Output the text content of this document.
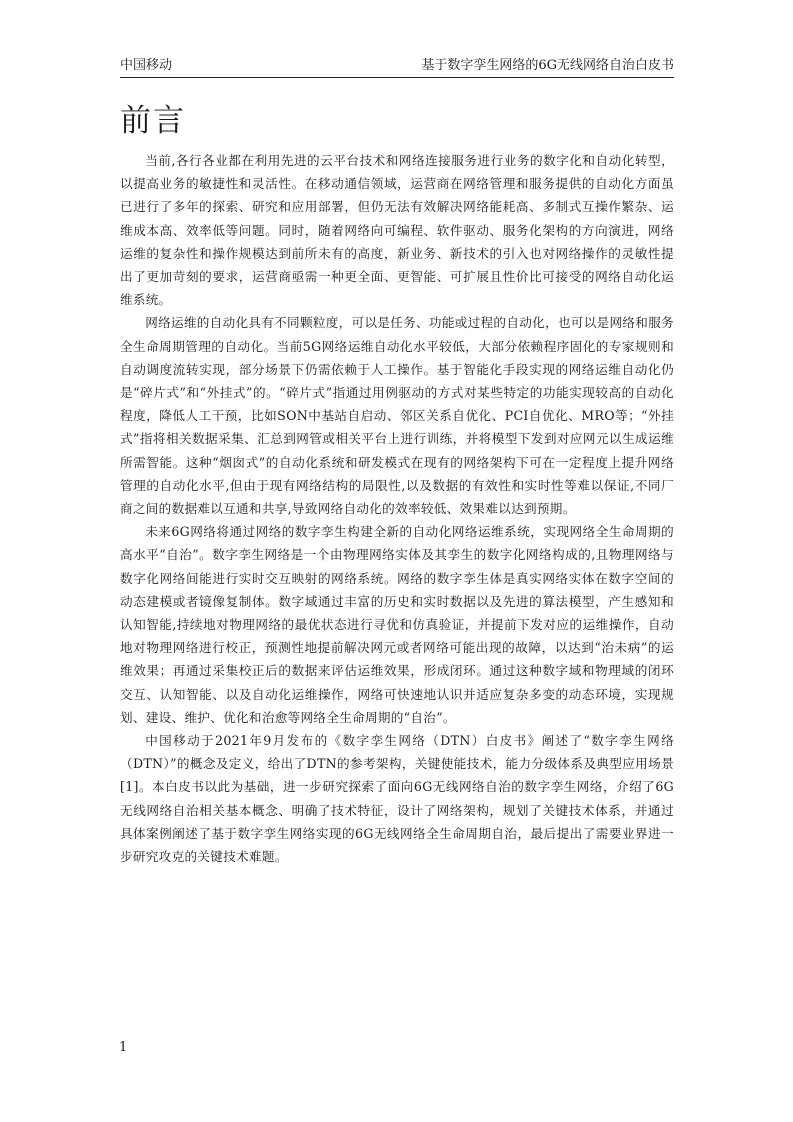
中国移动	基于数字孪生网络的6G无线网络自治白皮书
前言

当前,各行各业都在利用先进的云平台技术和网络连接服务进行业务的数字化和自动化转型，以提高业务的敏捷性和灵活性。在移动通信领域，运营商在网络管理和服务提供的自动化方面虽已进行了多年的探索、研究和应用部署，但仍无法有效解决网络能耗高、多制式互操作繁杂、运维成本高、效率低等问题。同时，随着网络向可编程、软件驱动、服务化架构的方向演进，网络运维的复杂性和操作规模达到前所未有的高度，新业务、新技术的引入也对网络操作的灵敏性提出了更加苛刻的要求，运营商亟需一种更全面、更智能、可扩展且性价比可接受的网络自动化运维系统。

网络运维的自动化具有不同颗粒度，可以是任务、功能或过程的自动化，也可以是网络和服务全生命周期管理的自动化。当前5G网络运维自动化水平较低，大部分依赖程序固化的专家规则和自动调度流转实现，部分场景下仍需依赖于人工操作。基于智能化手段实现的网络运维自动化仍是“碎片式”和“外挂式”的。“碎片式”指通过用例驱动的方式对某些特定的功能实现较高的自动化程度，降低人工干预，比如SON中基站自启动、邻区关系自优化、PCI自优化、MRO等；“外挂式”指将相关数据采集、汇总到网管或相关平台上进行训练，并将模型下发到对应网元以生成运维所需智能。这种“烟囱式”的自动化系统和研发模式在现有的网络架构下可在一定程度上提升网络管理的自动化水平,但由于现有网络结构的局限性,以及数据的有效性和实时性等难以保证,不同厂商之间的数据难以互通和共享,导致网络自动化的效率较低、效果难以达到预期。

未来6G网络将通过网络的数字孪生构建全新的自动化网络运维系统，实现网络全生命周期的高水平“自治”。数字孪生网络是一个由物理网络实体及其孪生的数字化网络构成的,且物理网络与数字化网络间能进行实时交互映射的网络系统。网络的数字孪生体是真实网络实体在数字空间的动态建模或者镜像复制体。数字域通过丰富的历史和实时数据以及先进的算法模型，产生感知和认知智能,持续地对物理网络的最优状态进行寻优和仿真验证，并提前下发对应的运维操作，自动地对物理网络进行校正，预测性地提前解决网元或者网络可能出现的故障，以达到“治未病”的运维效果；再通过采集校正后的数据来评估运维效果，形成闭环。通过这种数字域和物理域的闭环交互、认知智能、以及自动化运维操作，网络可快速地认识并适应复杂多变的动态环境，实现规划、建设、维护、优化和治愈等网络全生命周期的“自治”。

中国移动于2021年9月发布的《数字孪生网络（DTN）白皮书》阐述了“数字孪生网络（DTN）”的概念及定义，给出了DTN的参考架构，关键使能技术，能力分级体系及典型应用场景[1]。本白皮书以此为基础，进一步研究探索了面向6G无线网络自治的数字孪生网络，介绍了6G无线网络自治相关基本概念、明确了技术特征，设计了网络架构，规划了关键技术体系，并通过具体案例阐述了基于数字孪生网络实现的6G无线网络全生命周期自治，最后提出了需要业界进一步研究攻克的关键技术难题。

1
